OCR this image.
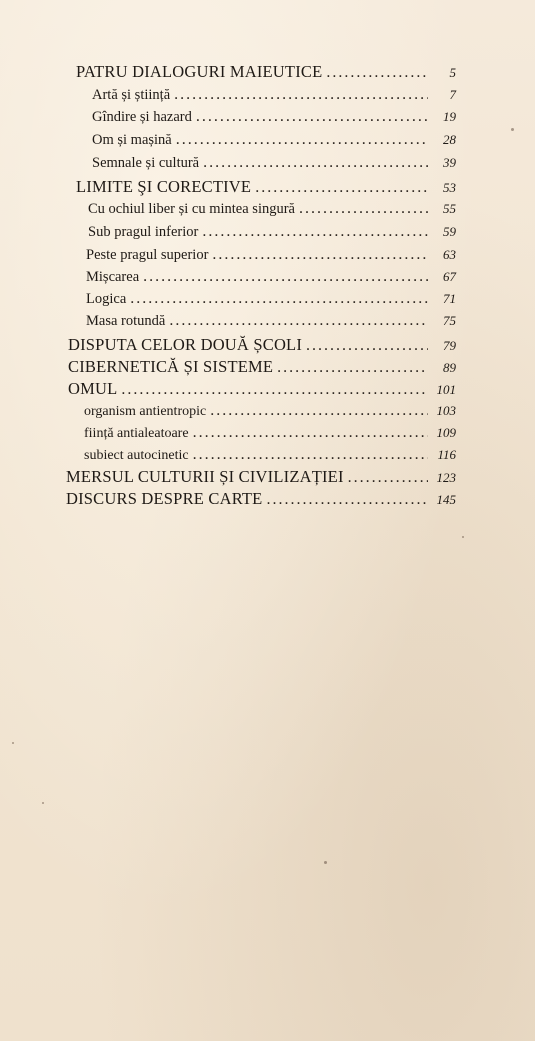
PATRU DIALOGURI MAIEUTICE . . .	5
Artă și știință . . .	7
Gîndire și hazard . . .	19
Om și mașină . . .	28
Semnale și cultură . . .	39
LIMITE ŞI CORECTIVE . . .	53
Cu ochiul liber și cu mintea singură . . .	55
Sub pragul inferior . . .	59
Peste pragul superior . . .	63
Mișcarea . . .	67
Logica . . .	71
Masa rotundă . . .	75
DISPUTA CELOR DOUĂ ȘCOLI . . .	79
CIBERNETICĂ ȘI SISTEME . . .	89
OMUL . . .	101
organism antientropic . . .	103
ființă antialeatoare . . .	109
subiect autocinetic . . .	116
MERSUL CULTURII ȘI CIVILIZAȚIEI . . .	123
DISCURS DESPRE CARTE . . .	145
